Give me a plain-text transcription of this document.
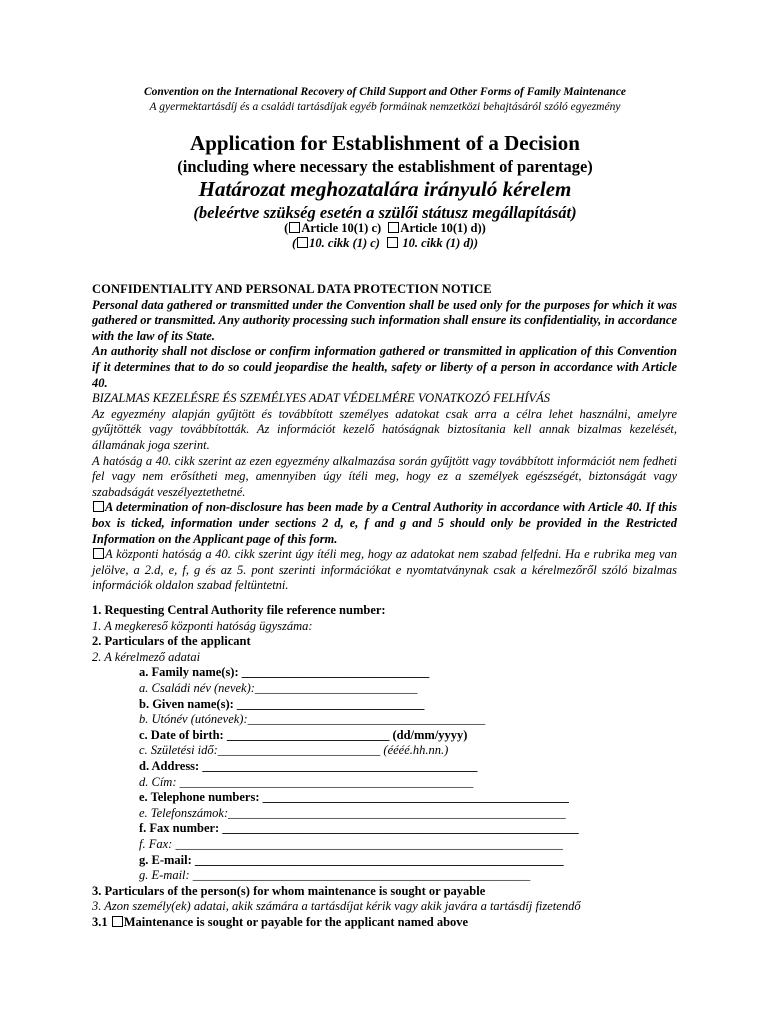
Convention on the International Recovery of Child Support and Other Forms of Family Maintenance
A gyermektartásdíj és a családi tartásdíjak egyéb formáinak nemzetközi behajtásáról szóló egyezmény
Application for Establishment of a Decision
(including where necessary the establishment of parentage)
Határozat meghozatalára irányuló kérelem
(beleértve szükség esetén a szülői státusz megállapítását)
( Article 10(1) c) Article 10(1) d))
( 10. cikk (1) c) 10. cikk (1) d))

CONFIDENTIALITY AND PERSONAL DATA PROTECTION NOTICE

Personal data gathered or transmitted under the Convention shall be used only for the purposes for which it was gathered or transmitted. Any authority processing such information shall ensure its confidentiality, in accordance with the law of its State.

An authority shall not disclose or confirm information gathered or transmitted in application of this Convention if it determines that to do so could jeopardise the health, safety or liberty of a person in accordance with Article 40.

BIZALMAS KEZELÉSRE ÉS SZEMÉLYES ADAT VÉDELMÉRE VONATKOZÓ FELHÍVÁS

Az egyezmény alapján gyűjtött és továbbított személyes adatokat csak arra a célra lehet használni, amelyre gyűjtötték vagy továbbították. Az információt kezelő hatóságnak biztosítania kell annak bizalmas kezelését, államának joga szerint.

A hatóság a 40. cikk szerint az ezen egyezmény alkalmazása során gyűjtött vagy továbbított információt nem fedheti fel vagy nem erősítheti meg, amennyiben úgy ítéli meg, hogy ez a személyek egészségét, biztonságát vagy szabadságát veszélyeztethetné.

A determination of non-disclosure has been made by a Central Authority in accordance with Article 40. If this box is ticked, information under sections 2 d, e, f and g and 5 should only be provided in the Restricted Information on the Applicant page of this form.

A központi hatóság a 40. cikk szerint úgy ítéli meg, hogy az adatokat nem szabad felfedni. Ha e rubrika meg van jelölve, a 2.d, e, f, g és az 5. pont szerinti információkat e nyomtatványnak csak a kérelmezőről szóló bizalmas információk oldalon szabad feltüntetni.

1. Requesting Central Authority file reference number:

1. A megkereső központi hatóság ügyszáma:

2. Particulars of the applicant

2. A kérelmező adatai

a. Family name(s): ______________________________

a. Családi név (nevek):__________________________

b. Given name(s): ______________________________

b. Utónév (utónevek):______________________________________

c. Date of birth: __________________________ (dd/mm/yyyy)

c. Születési idő:__________________________ (éééé.hh.nn.)

d. Address: ____________________________________________

d. Cím: _______________________________________________

e. Telephone numbers: _________________________________________________

e. Telefonszámok:______________________________________________________

f. Fax number: _________________________________________________________

f. Fax: ______________________________________________________________

g. E-mail: ___________________________________________________________

g. E-mail: ______________________________________________________

3. Particulars of the person(s) for whom maintenance is sought or payable

3. Azon személy(ek) adatai, akik számára a tartásdíjat kérik vagy akik javára a tartásdíj fizetendő

3.1 Maintenance is sought or payable for the applicant named above
